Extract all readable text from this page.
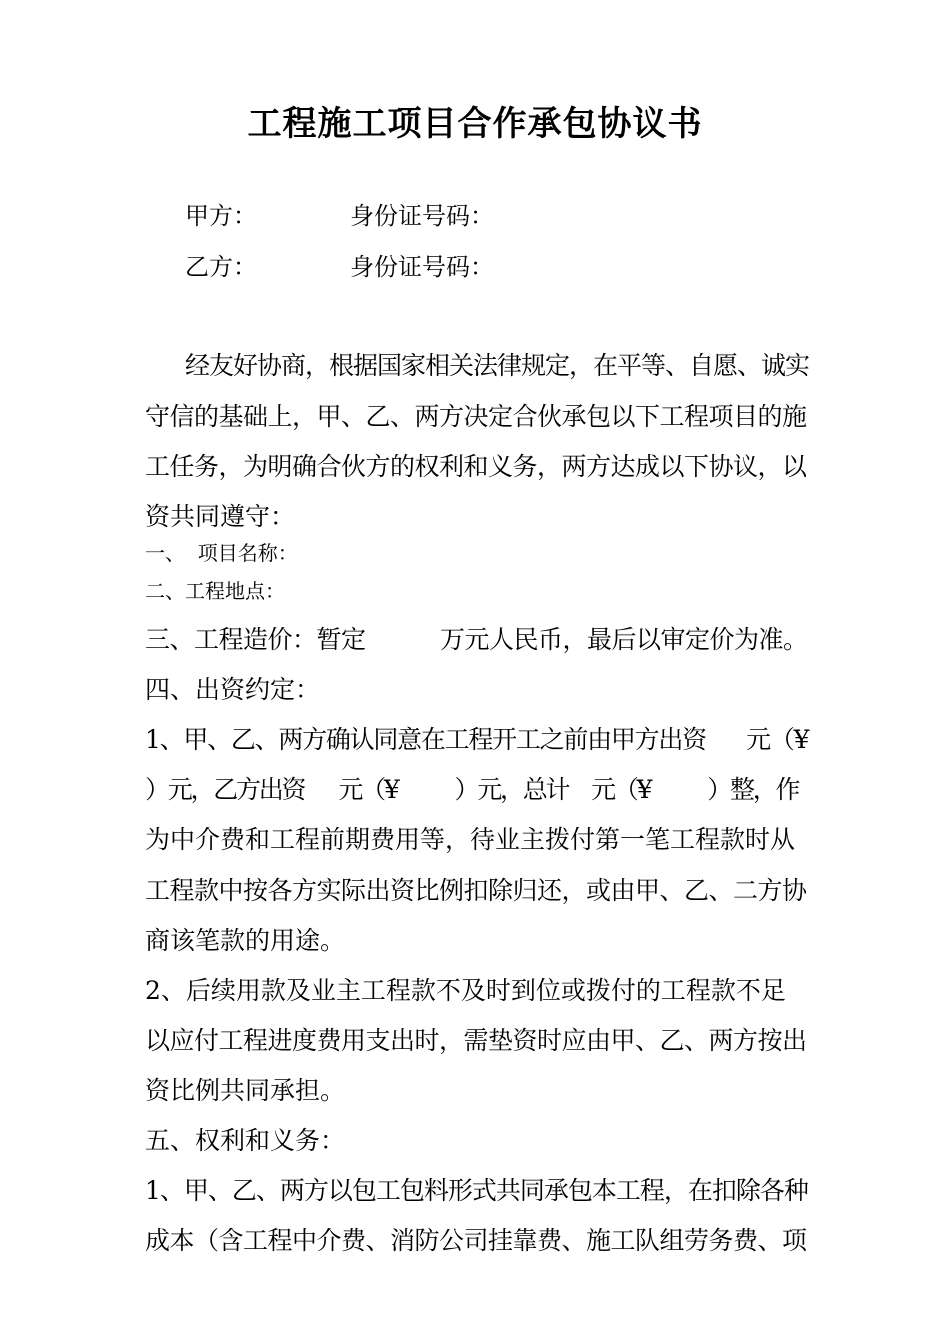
工程施工项目合作承包协议书
甲方：	身份证号码：
乙方：	身份证号码：
经友好协商，根据国家相关法律规定，在平等、自愿、诚实
守信的基础上，甲、乙、两方决定合伙承包以下工程项目的施
工任务，为明确合伙方的权利和义务，两方达成以下协议，以
资共同遵守：
一、  项目名称：
二、工程地点：
三、工程造价：暂定          万元人民币，最后以审定价为准。
四、出资约定：
1、甲、乙、两方确认同意在工程开工之前由甲方出资      元（¥
）元，乙方出资      元（¥          ）元，总计    元（¥          ）整，作
为中介费和工程前期费用等，待业主拨付第一笔工程款时从
工程款中按各方实际出资比例扣除归还，或由甲、乙、二方协
商该笔款的用途。
2、后续用款及业主工程款不及时到位或拨付的工程款不足
以应付工程进度费用支出时，需垫资时应由甲、乙、两方按出
资比例共同承担。
五、权利和义务：
1、甲、乙、两方以包工包料形式共同承包本工程，在扣除各种
成本（含工程中介费、消防公司挂靠费、施工队组劳务费、项
